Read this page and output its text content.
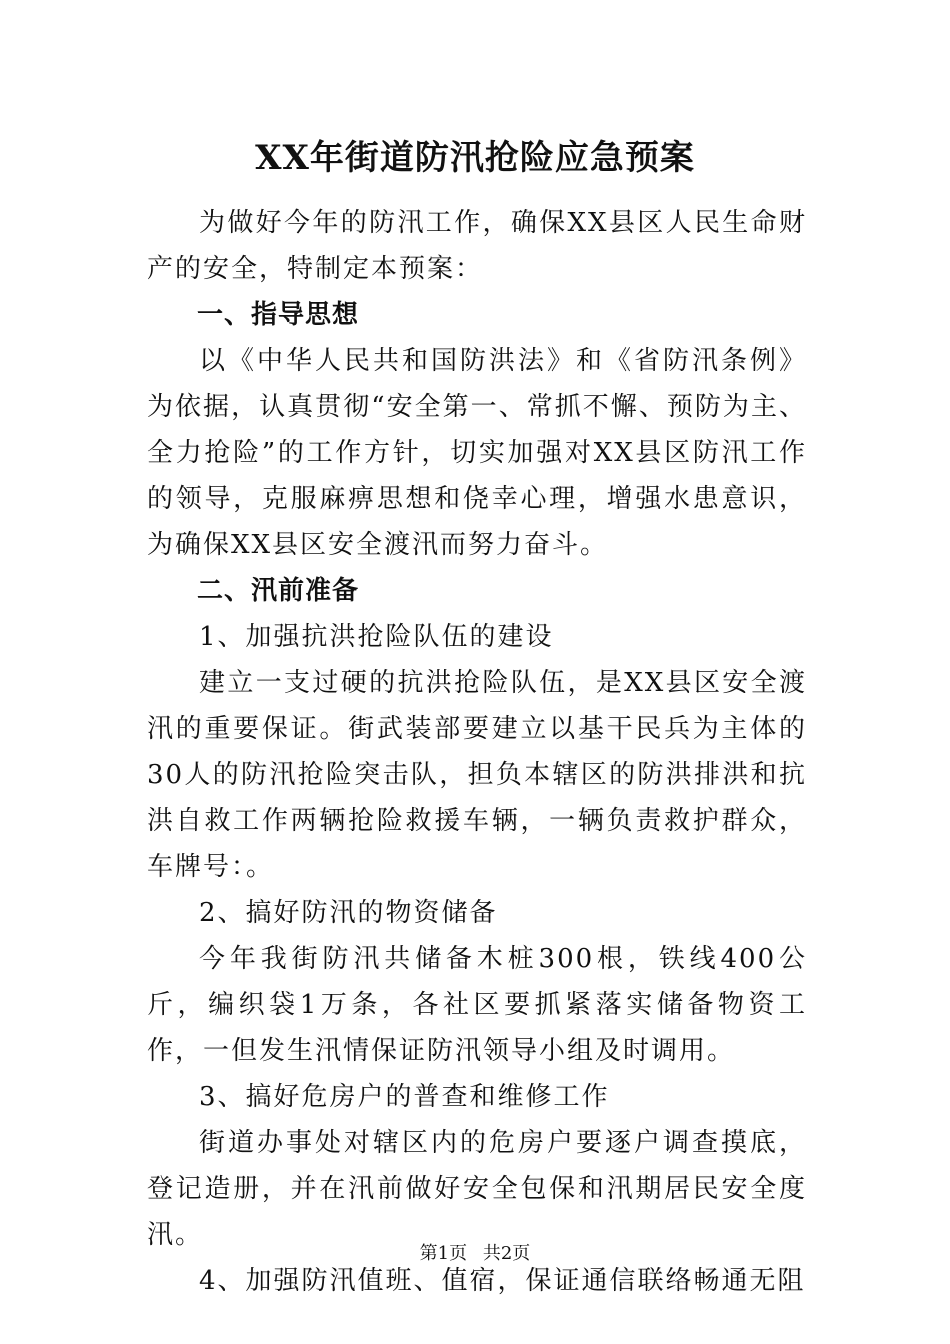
XX年街道防汛抢险应急预案

为做好今年的防汛工作，确保XX县区人民生命财产的安全，特制定本预案：

一、指导思想

以《中华人民共和国防洪法》和《省防汛条例》为依据，认真贯彻“安全第一、常抓不懈、预防为主、全力抢险”的工作方针，切实加强对XX县区防汛工作的领导，克服麻痹思想和侥幸心理，增强水患意识，为确保XX县区安全渡汛而努力奋斗。

二、汛前准备

1、加强抗洪抢险队伍的建设

建立一支过硬的抗洪抢险队伍，是XX县区安全渡汛的重要保证。街武装部要建立以基干民兵为主体的30人的防汛抢险突击队，担负本辖区的防洪排洪和抗洪自救工作两辆抢险救援车辆，一辆负责救护群众，车牌号：。

2、搞好防汛的物资储备

今年我街防汛共储备木桩300根，铁线400公斤，编织袋1万条，各社区要抓紧落实储备物资工作，一但发生汛情保证防汛领导小组及时调用。

3、搞好危房户的普查和维修工作

街道办事处对辖区内的危房户要逐户调查摸底，登记造册，并在汛前做好安全包保和汛期居民安全度汛。

4、加强防汛值班、值宿，保证通信联络畅通无阻

第1页 共2页
